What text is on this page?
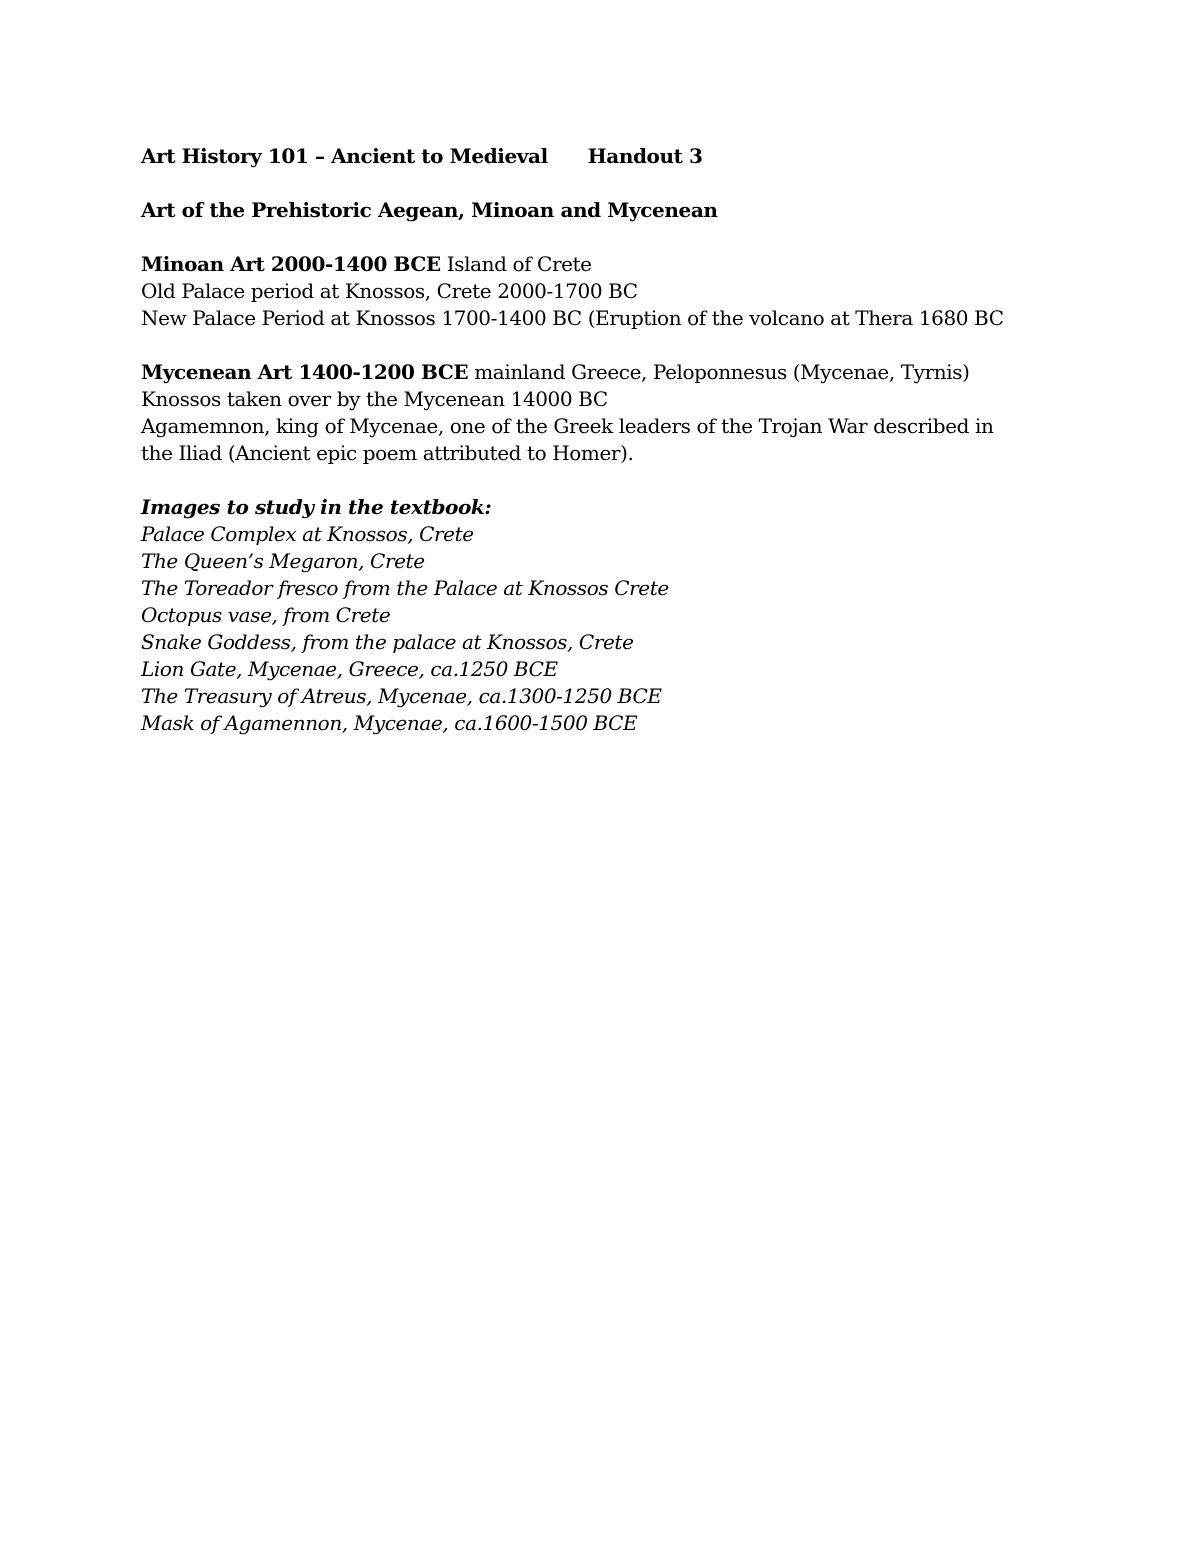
Art History 101 – Ancient to Medieval Handout 3
Art of the Prehistoric Aegean, Minoan and Mycenean
Minoan Art 2000-1400 BCE Island of Crete
Old Palace period at Knossos, Crete 2000-1700 BC
New Palace Period at Knossos 1700-1400 BC (Eruption of the volcano at Thera 1680 BC
Mycenean Art 1400-1200 BCE mainland Greece, Peloponnesus (Mycenae, Tyrnis)
Knossos taken over by the Mycenean 14000 BC
Agamemnon, king of Mycenae, one of the Greek leaders of the Trojan War described in
the Iliad (Ancient epic poem attributed to Homer).
Images to study in the textbook:
Palace Complex at Knossos, Crete
The Queen’s Megaron, Crete
The Toreador fresco from the Palace at Knossos Crete
Octopus vase, from Crete
Snake Goddess, from the palace at Knossos, Crete
Lion Gate, Mycenae, Greece, ca.1250 BCE
The Treasury of Atreus, Mycenae, ca.1300-1250 BCE
Mask of Agamennon, Mycenae, ca.1600-1500 BCE
